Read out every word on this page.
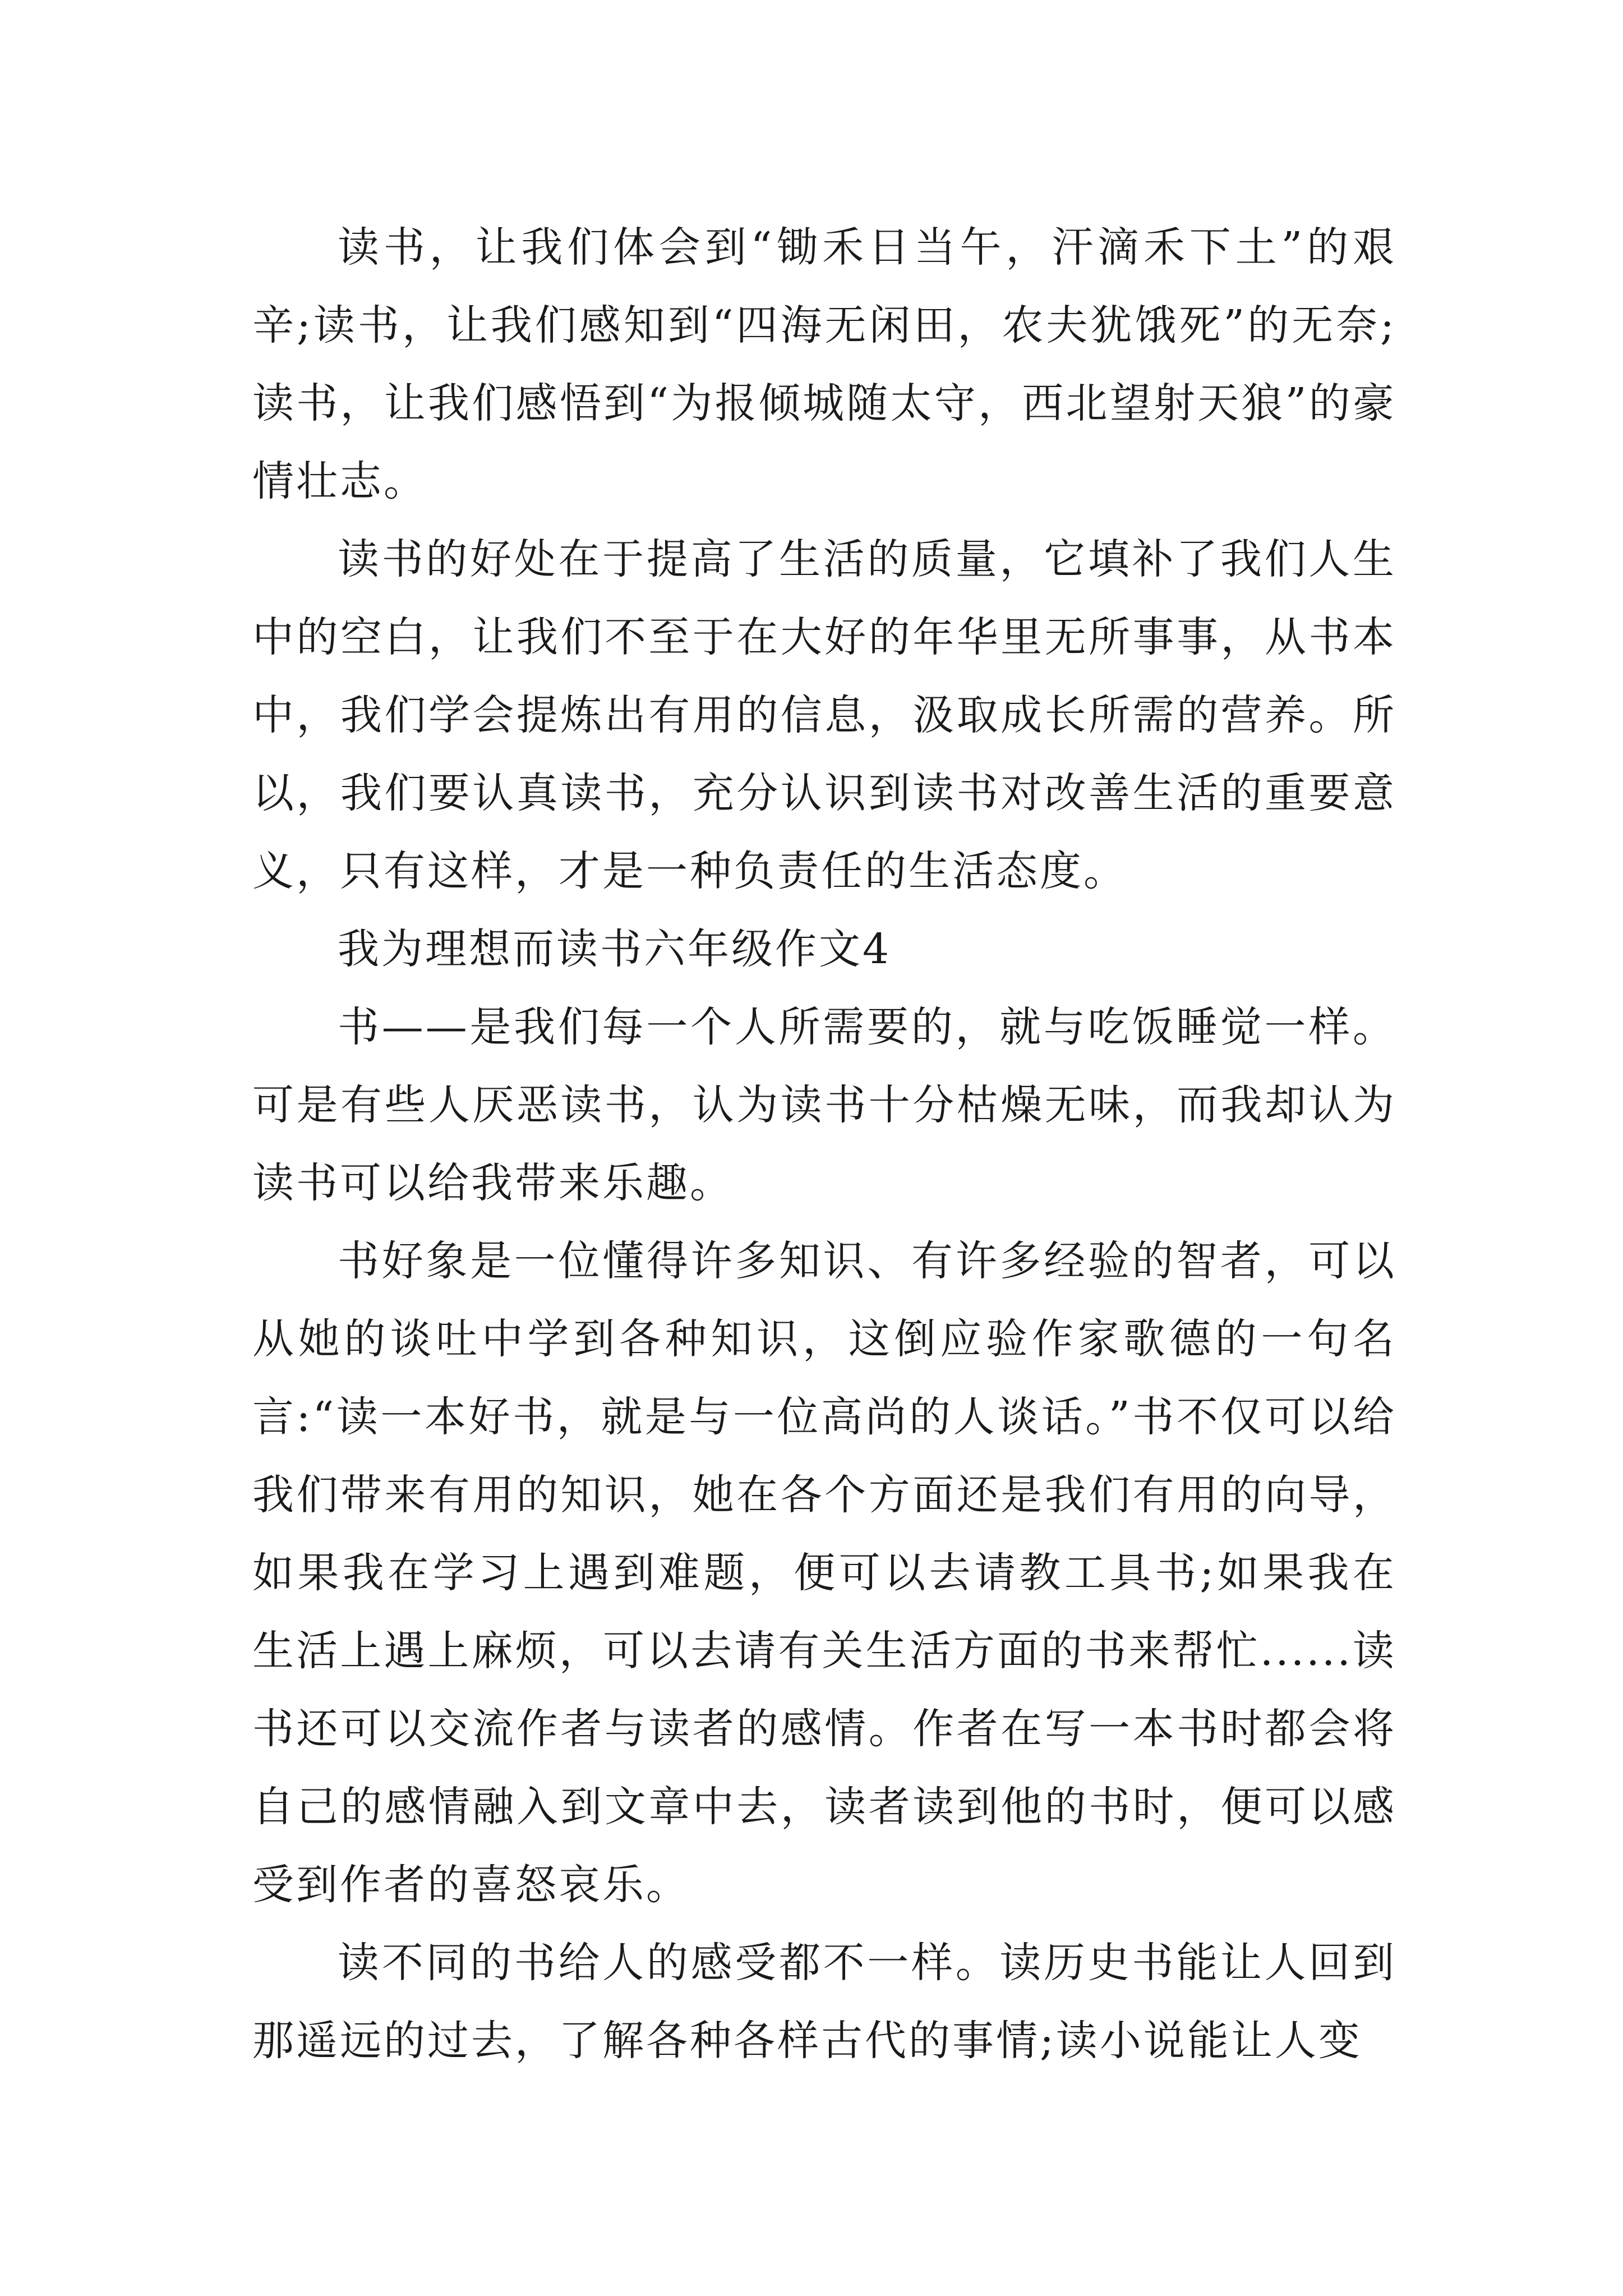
读书，让我们体会到“锄禾日当午，汗滴禾下土”的艰辛;读书，让我们感知到“四海无闲田，农夫犹饿死”的无奈;读书，让我们感悟到“为报倾城随太守，西北望射天狼”的豪情壮志。

读书的好处在于提高了生活的质量，它填补了我们人生中的空白，让我们不至于在大好的年华里无所事事，从书本中，我们学会提炼出有用的信息，汲取成长所需的营养。所以，我们要认真读书，充分认识到读书对改善生活的重要意义，只有这样，才是一种负责任的生活态度。

我为理想而读书六年级作文4

书——是我们每一个人所需要的，就与吃饭睡觉一样。可是有些人厌恶读书，认为读书十分枯燥无味，而我却认为读书可以给我带来乐趣。

书好象是一位懂得许多知识、有许多经验的智者，可以从她的谈吐中学到各种知识，这倒应验作家歌德的一句名言:“读一本好书，就是与一位高尚的人谈话。”书不仅可以给我们带来有用的知识，她在各个方面还是我们有用的向导，如果我在学习上遇到难题，便可以去请教工具书;如果我在生活上遇上麻烦，可以去请有关生活方面的书来帮忙......读书还可以交流作者与读者的感情。作者在写一本书时都会将自己的感情融入到文章中去，读者读到他的书时，便可以感受到作者的喜怒哀乐。

读不同的书给人的感受都不一样。读历史书能让人回到那遥远的过去，了解各种各样古代的事情;读小说能让人变
